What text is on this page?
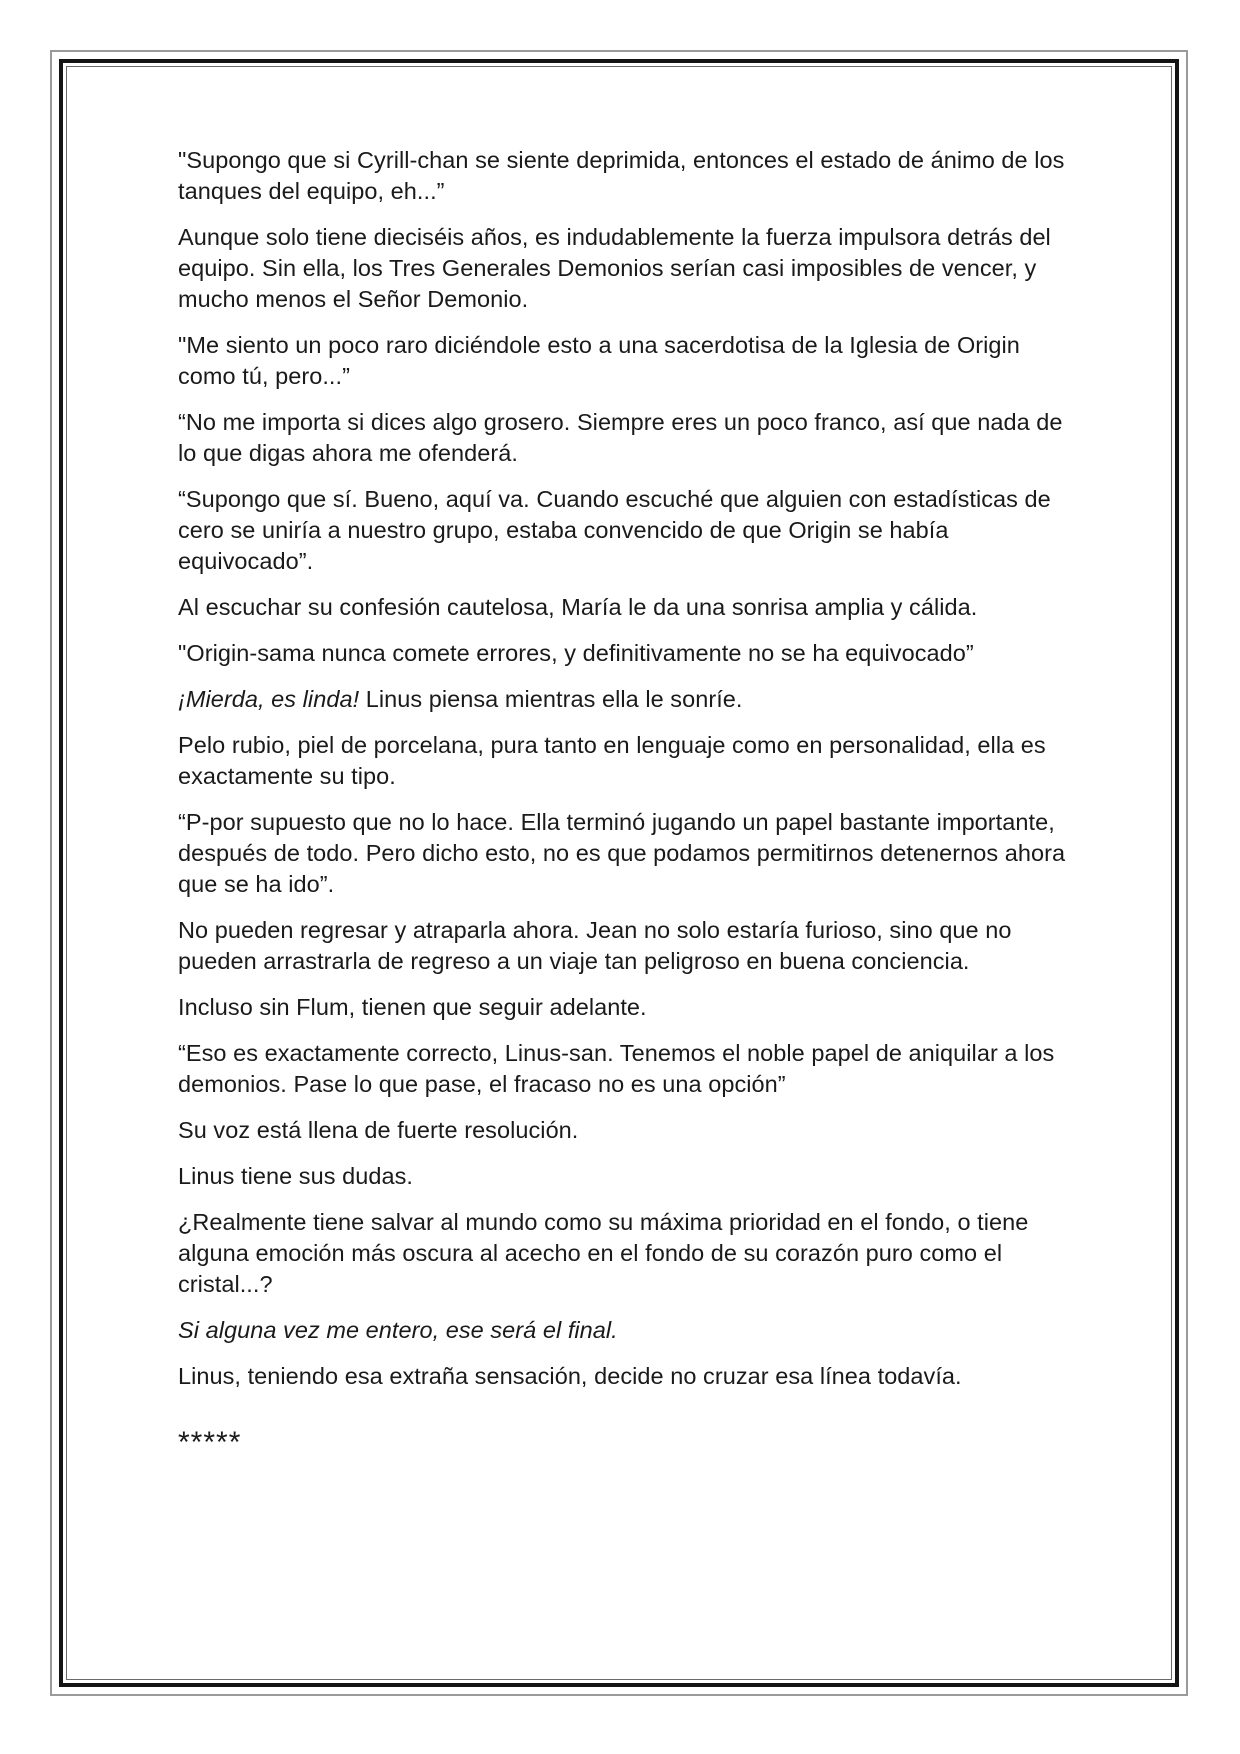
"Supongo que si Cyrill-chan se siente deprimida, entonces el estado de ánimo de los tanques del equipo, eh...”

Aunque solo tiene dieciséis años, es indudablemente la fuerza impulsora detrás del equipo. Sin ella, los Tres Generales Demonios serían casi imposibles de vencer, y mucho menos el Señor Demonio.

"Me siento un poco raro diciéndole esto a una sacerdotisa de la Iglesia de Origin como tú, pero...”

“No me importa si dices algo grosero. Siempre eres un poco franco, así que nada de lo que digas ahora me ofenderá.

“Supongo que sí. Bueno, aquí va. Cuando escuché que alguien con estadísticas de cero se uniría a nuestro grupo, estaba convencido de que Origin se había equivocado”.

Al escuchar su confesión cautelosa, María le da una sonrisa amplia y cálida.

"Origin-sama nunca comete errores, y definitivamente no se ha equivocado”

¡Mierda, es linda! Linus piensa mientras ella le sonríe.

Pelo rubio, piel de porcelana, pura tanto en lenguaje como en personalidad, ella es exactamente su tipo.

“P-por supuesto que no lo hace. Ella terminó jugando un papel bastante importante, después de todo. Pero dicho esto, no es que podamos permitirnos detenernos ahora que se ha ido”.

No pueden regresar y atraparla ahora. Jean no solo estaría furioso, sino que no pueden arrastrarla de regreso a un viaje tan peligroso en buena conciencia.

Incluso sin Flum, tienen que seguir adelante.

“Eso es exactamente correcto, Linus-san. Tenemos el noble papel de aniquilar a los demonios. Pase lo que pase, el fracaso no es una opción”

Su voz está llena de fuerte resolución.

Linus tiene sus dudas.

¿Realmente tiene salvar al mundo como su máxima prioridad en el fondo, o tiene alguna emoción más oscura al acecho en el fondo de su corazón puro como el cristal...?

Si alguna vez me entero, ese será el final.

Linus, teniendo esa extraña sensación, decide no cruzar esa línea todavía.

*****
